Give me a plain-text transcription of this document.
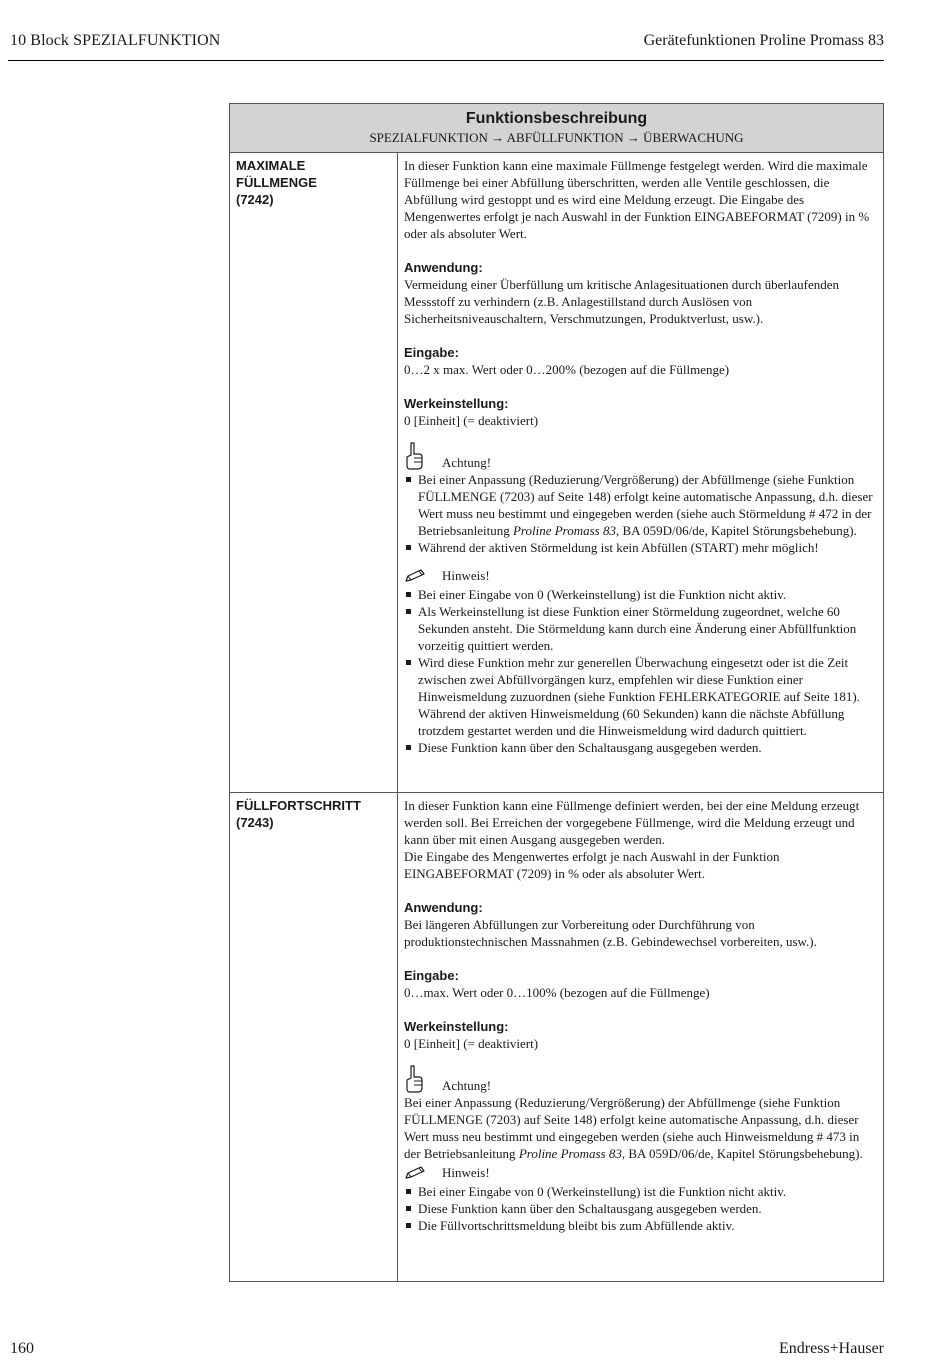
10 Block SPEZIALFUNKTION	Gerätefunktionen Proline Promass 83
Funktionsbeschreibung
SPEZIALFUNKTION → ABFÜLLFUNKTION → ÜBERWACHUNG
MAXIMALE
FÜLLMENGE
(7242)

In dieser Funktion kann eine maximale Füllmenge festgelegt werden. Wird die maximale Füllmenge bei einer Abfüllung überschritten, werden alle Ventile geschlossen, die Abfüllung wird gestoppt und es wird eine Meldung erzeugt. Die Eingabe des Mengenwertes erfolgt je nach Auswahl in der Funktion EINGABEFORMAT (7209) in % oder als absoluter Wert.

Anwendung:

Vermeidung einer Überfüllung um kritische Anlagesituationen durch überlaufenden Messstoff zu verhindern (z.B. Anlagestillstand durch Auslösen von Sicherheitsniveauschaltern, Verschmutzungen, Produktverlust, usw.).

Eingabe:

0…2 x max. Wert oder 0…200% (bezogen auf die Füllmenge)

Werkeinstellung:

0 [Einheit] (= deaktiviert)

Achtung!
Bei einer Anpassung (Reduzierung/Vergrößerung) der Abfüllmenge (siehe Funktion FÜLLMENGE (7203) auf Seite 148) erfolgt keine automatische Anpassung, d.h. dieser Wert muss neu bestimmt und eingegeben werden (siehe auch Störmeldung # 472 in der Betriebsanleitung Proline Promass 83, BA 059D/06/de, Kapitel Störungsbehebung).
Während der aktiven Störmeldung ist kein Abfüllen (START) mehr möglich!
Hinweis!
Bei einer Eingabe von 0 (Werkeinstellung) ist die Funktion nicht aktiv.
Als Werkeinstellung ist diese Funktion einer Störmeldung zugeordnet, welche 60 Sekunden ansteht. Die Störmeldung kann durch eine Änderung einer Abfüllfunktion vorzeitig quittiert werden.
Wird diese Funktion mehr zur generellen Überwachung eingesetzt oder ist die Zeit zwischen zwei Abfüllvorgängen kurz, empfehlen wir diese Funktion einer Hinweismeldung zuzuordnen (siehe Funktion FEHLERKATEGORIE auf Seite 181). Während der aktiven Hinweismeldung (60 Sekunden) kann die nächste Abfüllung trotzdem gestartet werden und die Hinweismeldung wird dadurch quittiert.
Diese Funktion kann über den Schaltausgang ausgegeben werden.
FÜLLFORTSCHRITT
(7243)

In dieser Funktion kann eine Füllmenge definiert werden, bei der eine Meldung erzeugt werden soll. Bei Erreichen der vorgegebene Füllmenge, wird die Meldung erzeugt und kann über mit einen Ausgang ausgegeben werden.

Die Eingabe des Mengenwertes erfolgt je nach Auswahl in der Funktion EINGABEFORMAT (7209) in % oder als absoluter Wert.

Anwendung:

Bei längeren Abfüllungen zur Vorbereitung oder Durchführung von produktionstechnischen Massnahmen (z.B. Gebindewechsel vorbereiten, usw.).

Eingabe:

0…max. Wert oder 0…100% (bezogen auf die Füllmenge)

Werkeinstellung:

0 [Einheit] (= deaktiviert)

Achtung!

Bei einer Anpassung (Reduzierung/Vergrößerung) der Abfüllmenge (siehe Funktion FÜLLMENGE (7203) auf Seite 148) erfolgt keine automatische Anpassung, d.h. dieser Wert muss neu bestimmt und eingegeben werden (siehe auch Hinweismeldung # 473 in der Betriebsanleitung Proline Promass 83, BA 059D/06/de, Kapitel Störungsbehebung).

Hinweis!
Bei einer Eingabe von 0 (Werkeinstellung) ist die Funktion nicht aktiv.
Diese Funktion kann über den Schaltausgang ausgegeben werden.
Die Füllvortschrittsmeldung bleibt bis zum Abfüllende aktiv.
160	Endress+Hauser
